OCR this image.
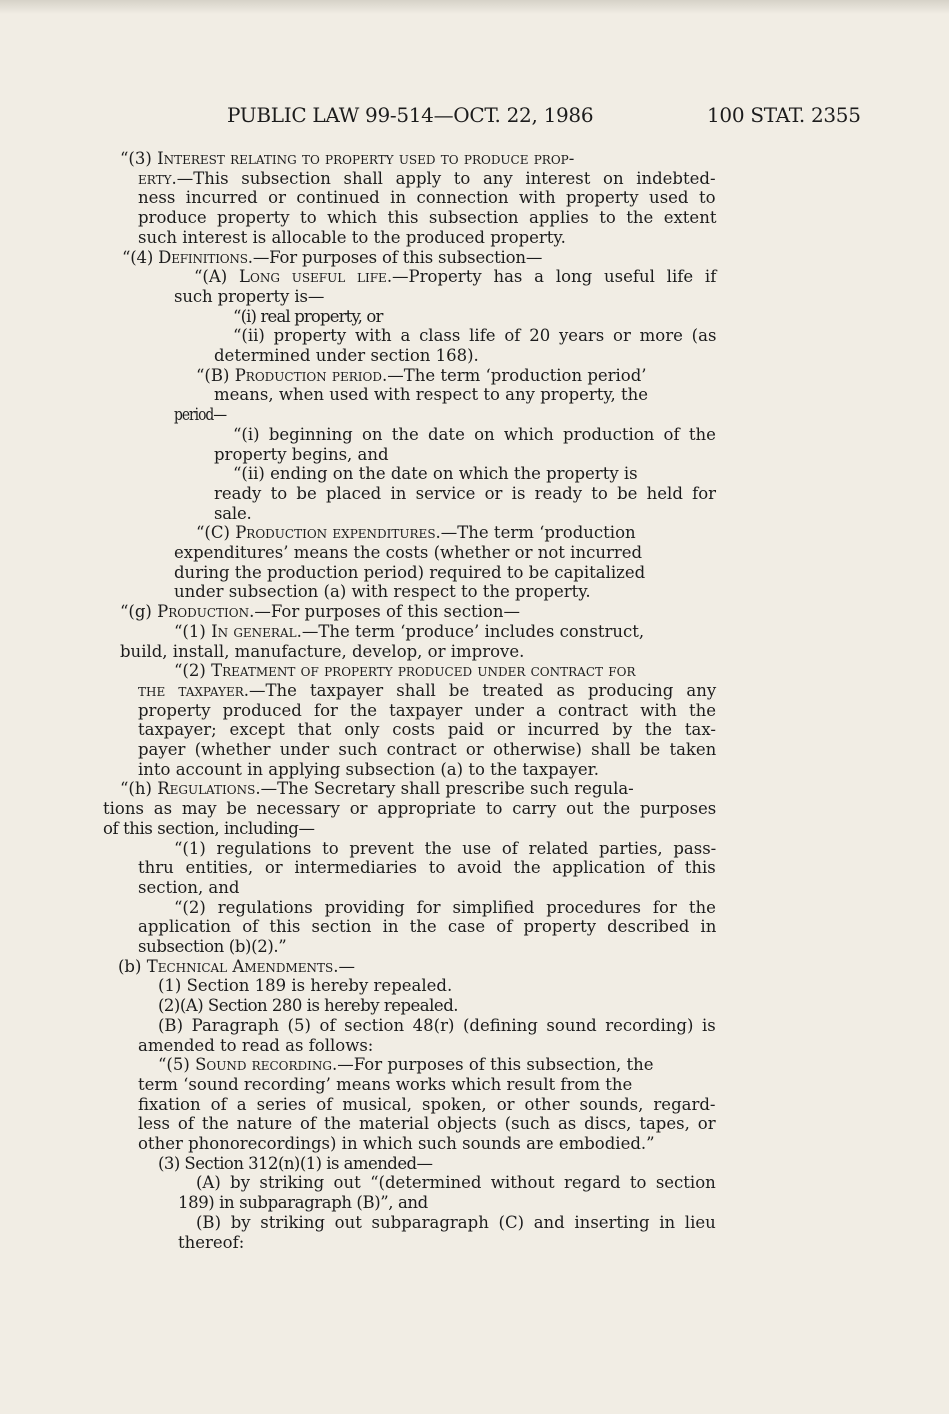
PUBLIC LAW 99-514—OCT. 22, 1986	100 STAT. 2355
“(3) Interest relating to property used to produce prop-
erty.—This subsection shall apply to any interest on indebted-
ness incurred or continued in connection with property used to
produce property to which this subsection applies to the extent
such interest is allocable to the produced property.
“(4) Definitions.—For purposes of this subsection—
“(A) Long useful life.—Property has a long useful life if
such property is—
“(i) real property, or
“(ii) property with a class life of 20 years or more (as
determined under section 168).
“(B) Production period.—The term ‘production period’
means, when used with respect to any property, the
period—
“(i) beginning on the date on which production of the
property begins, and
“(ii) ending on the date on which the property is
ready to be placed in service or is ready to be held for
sale.
“(C) Production expenditures.—The term ‘production
expenditures’ means the costs (whether or not incurred
during the production period) required to be capitalized
under subsection (a) with respect to the property.
“(g) Production.—For purposes of this section—
“(1) In general.—The term ‘produce’ includes construct,
build, install, manufacture, develop, or improve.
“(2) Treatment of property produced under contract for
the taxpayer.—The taxpayer shall be treated as producing any
property produced for the taxpayer under a contract with the
taxpayer; except that only costs paid or incurred by the tax-
payer (whether under such contract or otherwise) shall be taken
into account in applying subsection (a) to the taxpayer.
“(h) Regulations.—The Secretary shall prescribe such regula-
tions as may be necessary or appropriate to carry out the purposes
of this section, including—
“(1) regulations to prevent the use of related parties, pass-
thru entities, or intermediaries to avoid the application of this
section, and
“(2) regulations providing for simplified procedures for the
application of this section in the case of property described in
subsection (b)(2).”
(b) Technical Amendments.—
(1) Section 189 is hereby repealed.
(2)(A) Section 280 is hereby repealed.
(B) Paragraph (5) of section 48(r) (defining sound recording) is
amended to read as follows:
“(5) Sound recording.—For purposes of this subsection, the
term ‘sound recording’ means works which result from the
fixation of a series of musical, spoken, or other sounds, regard-
less of the nature of the material objects (such as discs, tapes, or
other phonorecordings) in which such sounds are embodied.”
(3) Section 312(n)(1) is amended—
(A) by striking out “(determined without regard to section
189) in subparagraph (B)”, and
(B) by striking out subparagraph (C) and inserting in lieu
thereof:
